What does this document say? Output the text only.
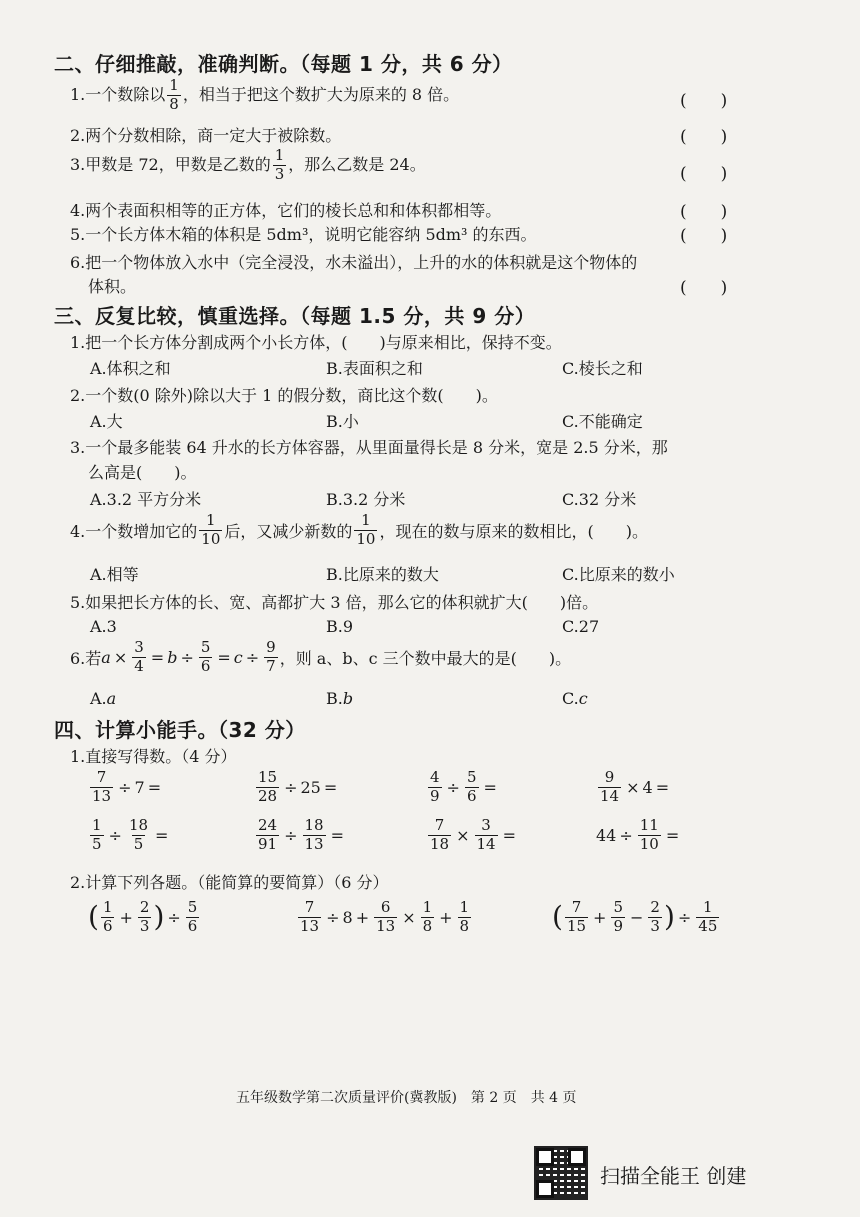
二、仔细推敲，准确判断。（每题 1 分，共 6 分）
1.一个数除以 $\frac{1}{8}$ ，相当于把这个数扩大为原来的 8 倍。	(　　)
2.两个分数相除，商一定大于被除数。	(　　)
3.甲数是 72，甲数是乙数的 $\frac{1}{3}$ ，那么乙数是 24。	(　　)
4.两个表面积相等的正方体，它们的棱长总和和体积都相等。	(　　)
5.一个长方体木箱的体积是 5dm³，说明它能容纳 5dm³ 的东西。	(　　)
6.把一个物体放入水中（完全浸没，水未溢出），上升的水的体积就是这个物体的
体积。	(　　)
三、反复比较，慎重选择。（每题 1.5 分，共 9 分）
1.把一个长方体分割成两个小长方体，(　　)与原来相比，保持不变。
A.体积之和	B.表面积之和	C.棱长之和
2.一个数(0 除外)除以大于 1 的假分数，商比这个数(　　)。
A.大	B.小	C.不能确定
3.一个最多能装 64 升水的长方体容器，从里面量得长是 8 分米，宽是 2.5 分米，那
么高是(　　)。
A.3.2 平方分米	B.3.2 分米	C.32 分米
4.一个数增加它的 $\frac{1}{10}$ 后，又减少新数的 $\frac{1}{10}$ ，现在的数与原来的数相比，(　　)。
A.相等	B.比原来的数大	C.比原来的数小
5.如果把长方体的长、宽、高都扩大 3 倍，那么它的体积就扩大(　　)倍。
A.3	B.9	C.27
6.若 $a \times \frac{3}{4} = b \div \frac{5}{6} = c \div \frac{9}{7}$ ，则 a、b、c 三个数中最大的是(　　)。
A.a	B.b	C.c
四、计算小能手。（32 分）
1.直接写得数。（4 分）
$\frac{7}{13} \div 7$ =	$\frac{15}{28} \div 25$ =	$\frac{4}{9} \div \frac{5}{6}$ =	$\frac{9}{14} \times 4$ =
$\frac{1}{5} \div \frac{18}{5}$ =	$\frac{24}{91} \div \frac{18}{13}$ =	$\frac{7}{18} \times \frac{3}{14}$ =	$44 \div \frac{11}{10}$ =
2.计算下列各题。（能简算的要简算）（6 分）
( $\frac{1}{6} + \frac{2}{3}$ ) ÷ $\frac{5}{6}$	$\frac{7}{13} \div 8 + \frac{6}{13} \times \frac{1}{8} + \frac{1}{8}$	( $\frac{7}{15} + \frac{5}{9} - \frac{2}{3}$ ) ÷ $\frac{1}{45}$
五年级数学第二次质量评价(冀教版)　第 2 页　共 4 页
扫描全能王 创建
